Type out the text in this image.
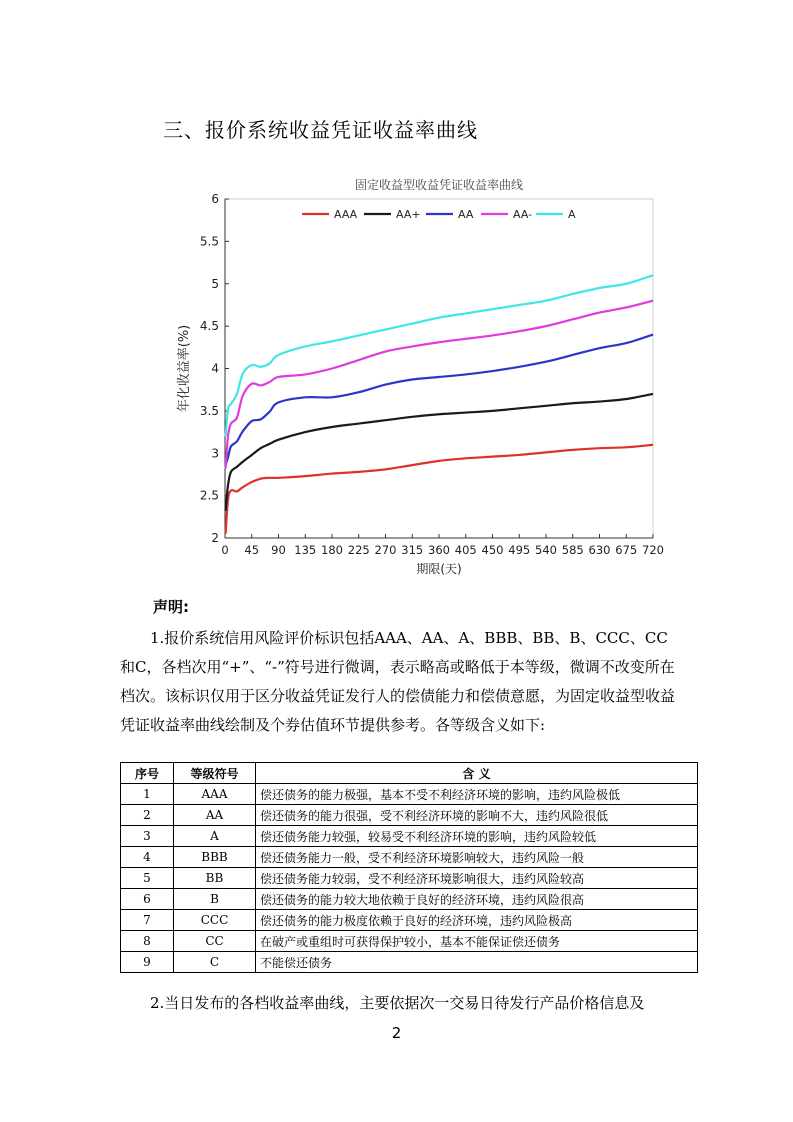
三、报价系统收益凭证收益率曲线
固定收益型收益凭证收益率曲线
2
2.5
3
3.5
4
4.5
5
5.5
6
0 45 90 135 180 225 270 315 360 405 450 495 540 585 630 675 720
期限(天)
年化收益率(%)
AAA	AA+	AA	AA-	A
声明:

1.报价系统信用风险评价标识包括AAA、AA、A、BBB、BB、B、CCC、CC和C，各档次用“+”、“-”符号进行微调，表示略高或略低于本等级，微调不改变所在档次。该标识仅用于区分收益凭证发行人的偿债能力和偿债意愿，为固定收益型收益凭证收益率曲线绘制及个券估值环节提供参考。各等级含义如下:

序号	等级符号	含 义
1	AAA	偿还债务的能力极强，基本不受不利经济环境的影响，违约风险极低
2	AA	偿还债务的能力很强，受不利经济环境的影响不大，违约风险很低
3	A	偿还债务能力较强，较易受不利经济环境的影响，违约风险较低
4	BBB	偿还债务能力一般，受不利经济环境影响较大，违约风险一般
5	BB	偿还债务能力较弱，受不利经济环境影响很大，违约风险较高
6	B	偿还债务的能力较大地依赖于良好的经济环境，违约风险很高
7	CCC	偿还债务的能力极度依赖于良好的经济环境，违约风险极高
8	CC	在破产或重组时可获得保护较小，基本不能保证偿还债务
9	C	不能偿还债务

2.当日发布的各档收益率曲线，主要依据次一交易日待发行产品价格信息及

2
